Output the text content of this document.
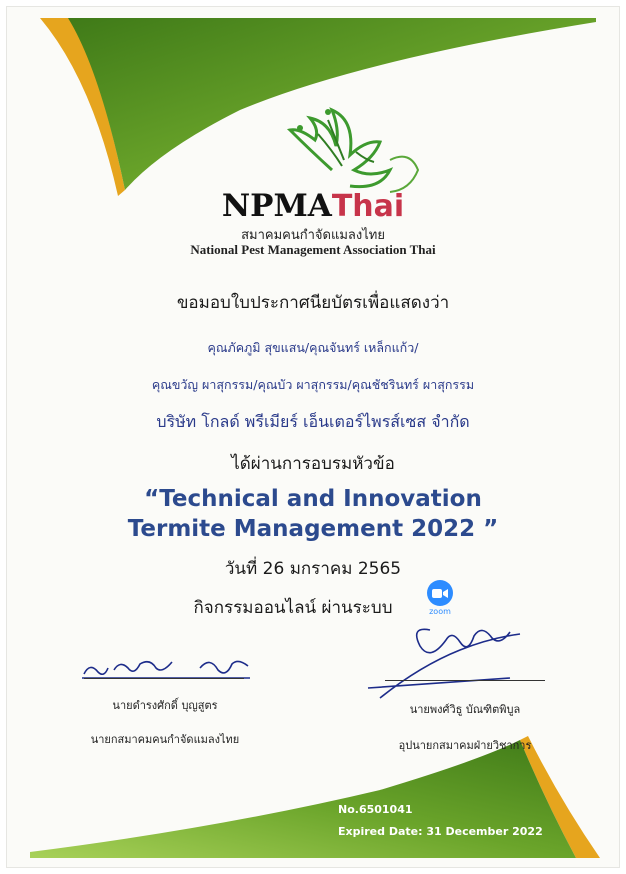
NPMAThai
สมาคมคนกำจัดแมลงไทย
National Pest Management Association Thai
ขอมอบใบประกาศนียบัตรเพื่อแสดงว่า
คุณภัคภูมิ สุขแสน/คุณจันทร์ เหล็กแก้ว/
คุณขวัญ ผาสุกรรม/คุณบัว ผาสุกรรม/คุณชัชรินทร์ ผาสุกรรม
บริษัท โกลด์ พรีเมียร์ เอ็นเตอร์ไพรส์เซส จำกัด
ได้ผ่านการอบรมหัวข้อ
“Technical and Innovation
Termite Management 2022 ”
วันที่ 26 มกราคม 2565
กิจกรรมออนไลน์ ผ่านระบบ	zoom
นายดำรงศักดิ์ บุญสูตร
นายกสมาคมคนกำจัดแมลงไทย
นายพงศ์วิธู บัณฑิตพิบูล
อุปนายกสมาคมฝ่ายวิชาการ
No.6501041
Expired Date: 31 December 2022
